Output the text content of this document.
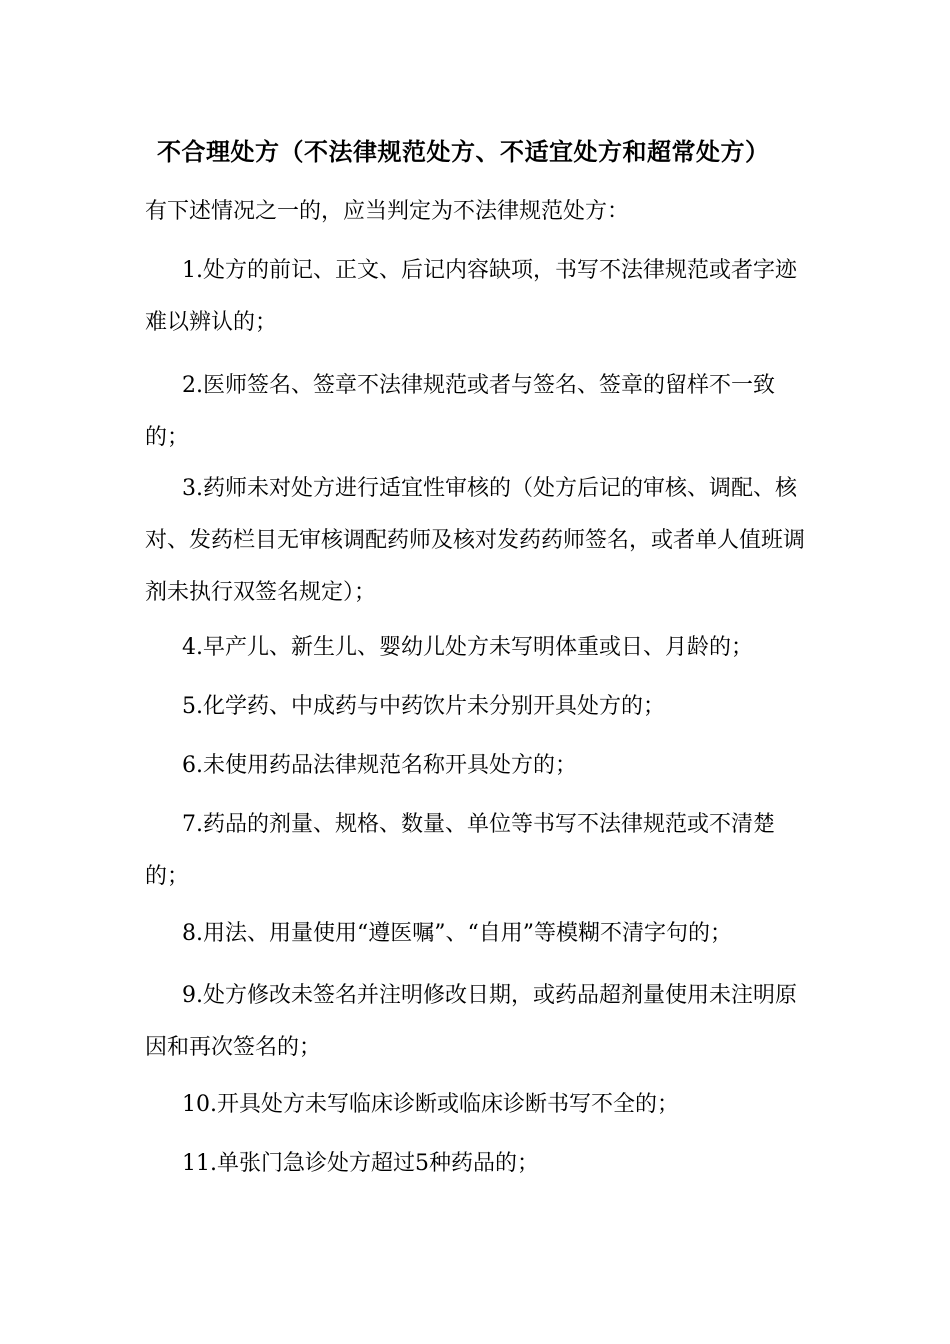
不合理处方（不法律规范处方、不适宜处方和超常处方）
有下述情况之一的，应当判定为不法律规范处方：
1.处方的前记、正文、后记内容缺项，书写不法律规范或者字迹难以辨认的；
2.医师签名、签章不法律规范或者与签名、签章的留样不一致的；
3.药师未对处方进行适宜性审核的（处方后记的审核、调配、核对、发药栏目无审核调配药师及核对发药药师签名，或者单人值班调剂未执行双签名规定）；
4.早产儿、新生儿、婴幼儿处方未写明体重或日、月龄的；
5.化学药、中成药与中药饮片未分别开具处方的；
6.未使用药品法律规范名称开具处方的；
7.药品的剂量、规格、数量、单位等书写不法律规范或不清楚的；
8.用法、用量使用“遵医嘱”、“自用”等模糊不清字句的；
9.处方修改未签名并注明修改日期，或药品超剂量使用未注明原因和再次签名的；
10.开具处方未写临床诊断或临床诊断书写不全的；
11.单张门急诊处方超过5种药品的；
